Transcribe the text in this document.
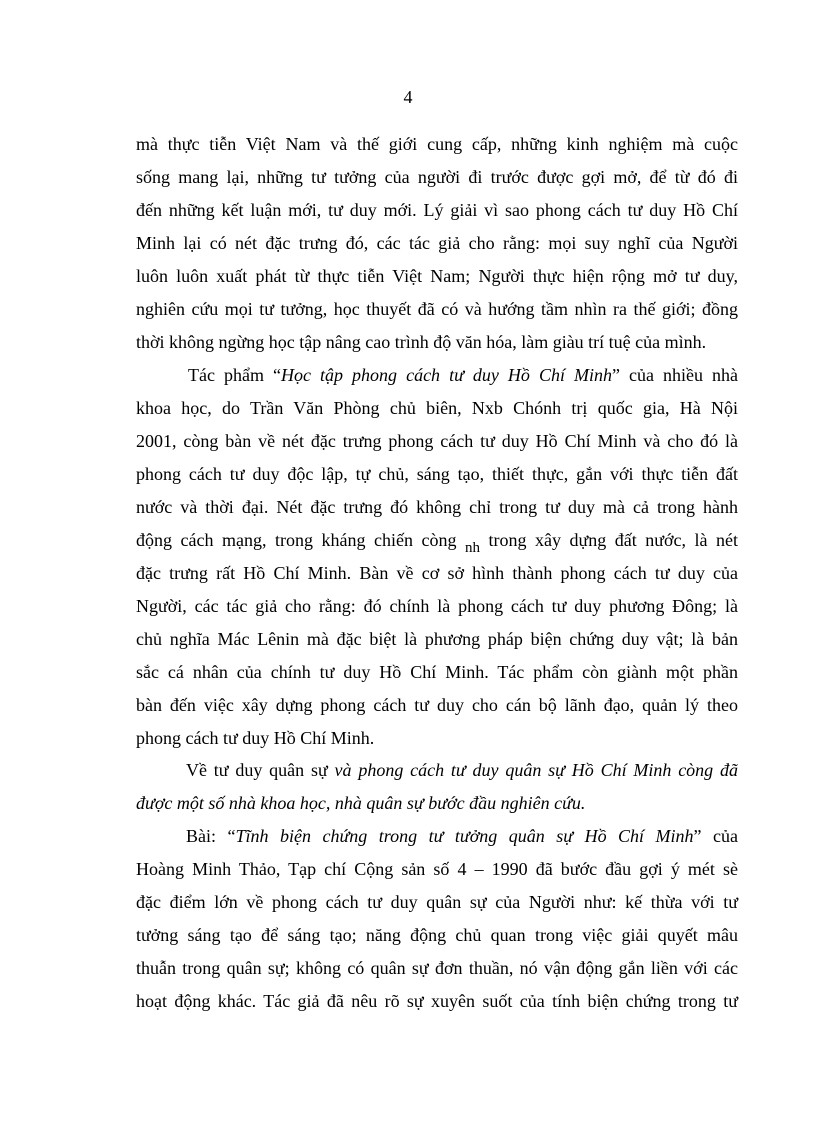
4
mà thực tiễn Việt Nam và thế giới cung cấp, những kinh nghiệm mà cuộc
sống mang lại, những tư tưởng của người đi trước được gợi mở, để từ đó đi
đến những kết luận mới, tư duy mới. Lý giải vì sao phong cách tư duy Hồ Chí
Minh lại có nét đặc trưng đó, các tác giả cho rằng: mọi suy nghĩ của Người
luôn luôn xuất phát từ thực tiễn Việt Nam; Người thực hiện rộng mở tư duy,
nghiên cứu mọi tư tưởng, học thuyết đã có và hướng tầm nhìn ra thế giới; đồng
thời không ngừng học tập nâng cao trình độ văn hóa, làm giàu trí tuệ của mình.
Tác phẩm “Học tập phong cách tư duy Hồ Chí Minh” của nhiều nhà
khoa học, do Trần Văn Phòng chủ biên, Nxb Chónh trị quốc gia, Hà Nội
2001, còng bàn về nét đặc trưng phong cách tư duy Hồ Chí Minh và cho đó là
phong cách tư duy độc lập, tự chủ, sáng tạo, thiết thực, gắn với thực tiễn đất
nước và thời đại. Nét đặc trưng đó không chỉ trong tư duy mà cả trong hành
động cách mạng, trong kháng chiến còng $_{nh}$ trong xây dựng đất nước, là nét
đặc trưng rất Hồ Chí Minh. Bàn về cơ sở hình thành phong cách tư duy của
Người, các tác giả cho rằng: đó chính là phong cách tư duy phương Đông; là
chủ nghĩa Mác Lênin mà đặc biệt là phương pháp biện chứng duy vật; là bản
sắc cá nhân của chính tư duy Hồ Chí Minh. Tác phẩm còn giành một phần
bàn đến việc xây dựng phong cách tư duy cho cán bộ lãnh đạo, quản lý theo
phong cách tư duy Hồ Chí Minh.
Về tư duy quân sự và phong cách tư duy quân sự Hồ Chí Minh còng đã
được một số nhà khoa học, nhà quân sự bước đầu nghiên cứu.
Bài: “Tĩnh biện chứng trong tư tưởng quân sự Hồ Chí Minh” của
Hoàng Minh Thảo, Tạp chí Cộng sản số 4 – 1990 đã bước đầu gợi ý mét sè
đặc điểm lớn về phong cách tư duy quân sự của Người như: kế thừa với tư
tưởng sáng tạo để sáng tạo; năng động chủ quan trong việc giải quyết mâu
thuẫn trong quân sự; không có quân sự đơn thuần, nó vận động gắn liền với các
hoạt động khác. Tác giả đã nêu rõ sự xuyên suốt của tính biện chứng trong tư
